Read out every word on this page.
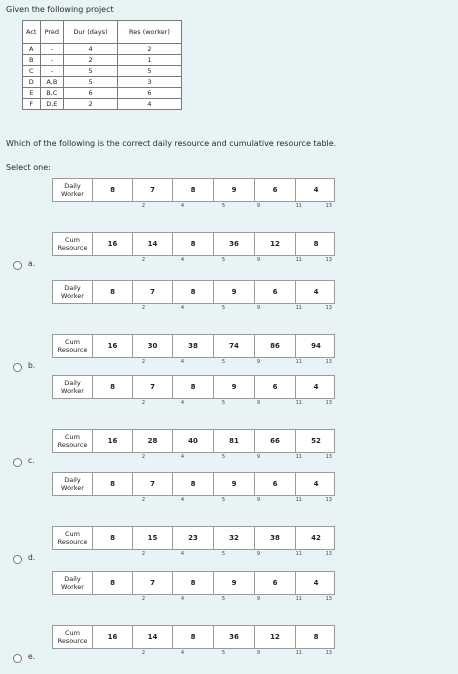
Given the following project
Act	Pred	Dur (days)	Res (worker)
A	-	4	2
B	-	2	1
C	-	5	5
D	A,B	5	3
E	B,C	6	6
F	D,E	2	4
Which of the following is the correct daily resource and cumulative resource table.
Select one:
a.
Daily Worker	8	7	8	9	6	4
2	4	5	9	11	13
Cum Resource	16	14	8	36	12	8
2	4	5	9	11	13
b.
Daily Worker	8	7	8	9	6	4
2	4	5	9	11	13
Cum Resource	16	30	38	74	86	94
2	4	5	9	11	13
c.
Daily Worker	8	7	8	9	6	4
2	4	5	9	11	13
Cum Resource	16	28	40	81	66	52
2	4	5	9	11	13
d.
Daily Worker	8	7	8	9	6	4
2	4	5	9	11	13
Cum Resource	8	15	23	32	38	42
2	4	5	9	11	13
e.
Daily Worker	8	7	8	9	6	4
2	4	5	9	11	13
Cum Resource	16	14	8	36	12	8
2	4	5	9	11	13
